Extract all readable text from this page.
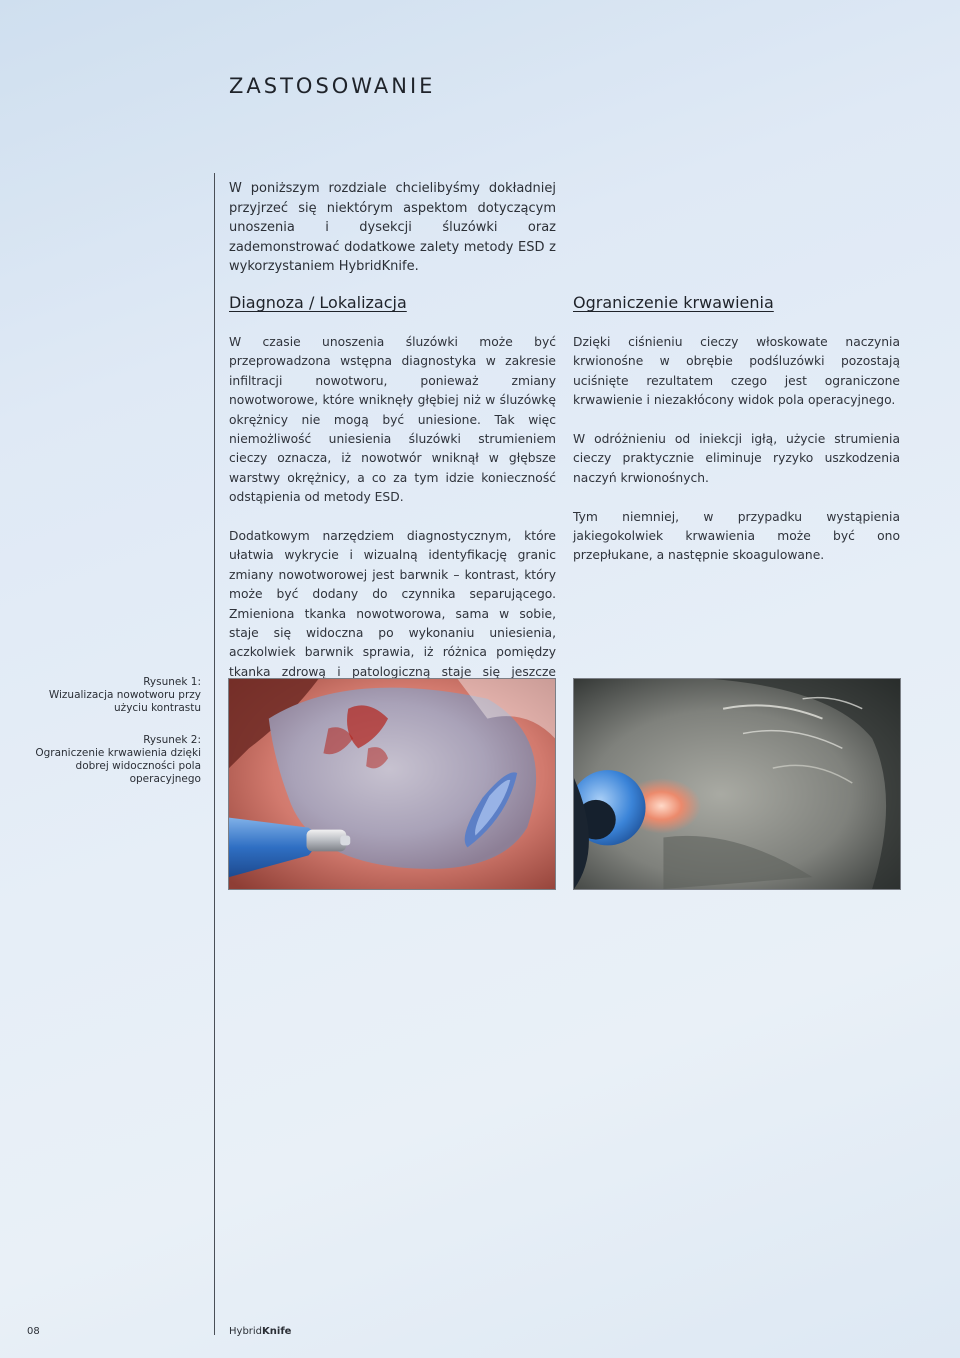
ZASTOSOWANIE

W poniższym rozdziale chcielibyśmy dokładniej przyjrzeć się niektórym aspektom dotyczącym unoszenia i dysekcji śluzówki oraz zademonstrować dodatkowe zalety metody ESD z wykorzystaniem HybridKnife.

Diagnoza / Lokalizacja

W czasie unoszenia śluzówki może być przeprowadzona wstępna diagnostyka w zakresie infiltracji nowotworu, ponieważ zmiany nowotworowe, które wniknęły głębiej niż w śluzówkę okrężnicy nie mogą być uniesione. Tak więc niemożliwość uniesienia śluzówki strumieniem cieczy oznacza, iż nowotwór wniknął w głębsze warstwy okrężnicy, a co za tym idzie konieczność odstąpienia od metody ESD.

Dodatkowym narzędziem diagnostycznym, które ułatwia wykrycie i wizualną identyfikację granic zmiany nowotworowej jest barwnik – kontrast, który może być dodany do czynnika separującego. Zmieniona tkanka nowotworowa, sama w sobie, staje się widoczna po wykonaniu uniesienia, aczkolwiek barwnik sprawia, iż różnica pomiędzy tkanka zdrową i patologiczną staje się jeszcze

Ograniczenie krwawienia

Dzięki ciśnieniu cieczy włoskowate naczynia krwionośne w obrębie podśluzówki pozostają uciśnięte rezultatem czego jest ograniczone krwawienie i niezakłócony widok pola operacyjnego.

W odróżnieniu od iniekcji igłą, użycie strumienia cieczy praktycznie eliminuje ryzyko uszkodzenia naczyń krwionośnych.

Tym niemniej, w przypadku wystąpienia jakiegokolwiek krwawienia może być ono przepłukane, a następnie skoagulowane.

Rysunek 1:
Wizualizacja nowotworu przy użyciu kontrastu
Rysunek 2:
Ograniczenie krwawienia dzięki dobrej widoczności pola operacyjnego
08	HybridKnife
